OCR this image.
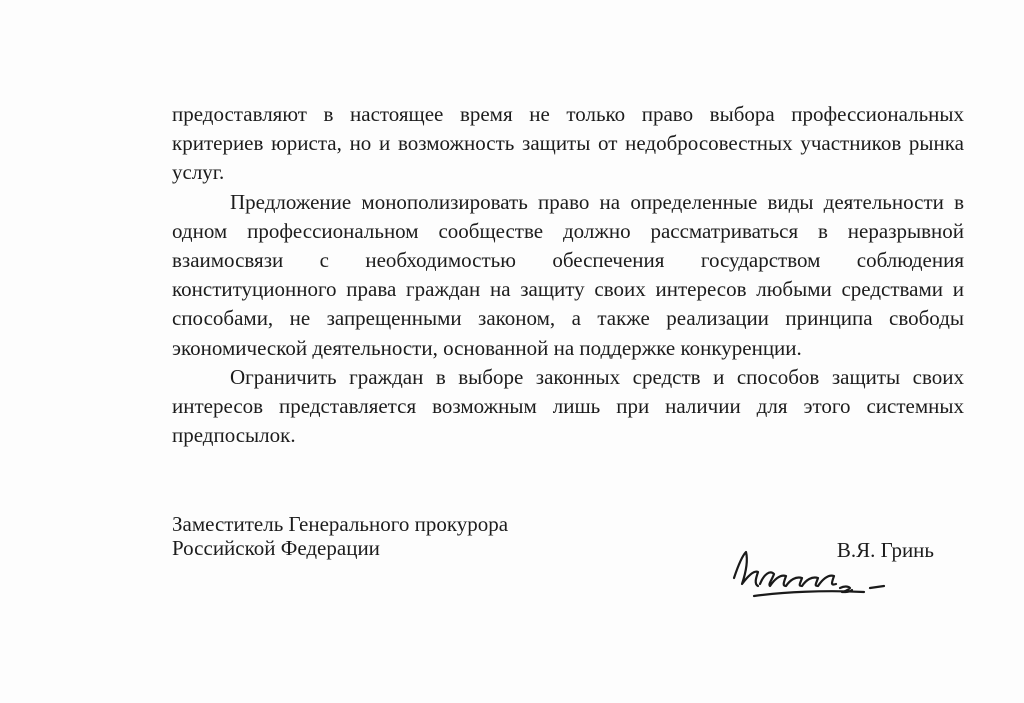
предоставляют в настоящее время не только право выбора профессиональных критериев юриста, но и возможность защиты от недобросовестных участников рынка услуг.

Предложение монополизировать право на определенные виды деятельности в одном профессиональном сообществе должно рассматриваться в неразрывной взаимосвязи с необходимостью обеспечения государством соблюдения конституционного права граждан на защиту своих интересов любыми средствами и способами, не запрещенными законом, а также реализации принципа свободы экономической деятельности, основанной на поддержке конкуренции.

Ограничить граждан в выборе законных средств и способов защиты своих интересов представляется возможным лишь при наличии для этого системных предпосылок.

Заместитель Генерального прокурора
Российской Федерации	В.Я. Гринь
